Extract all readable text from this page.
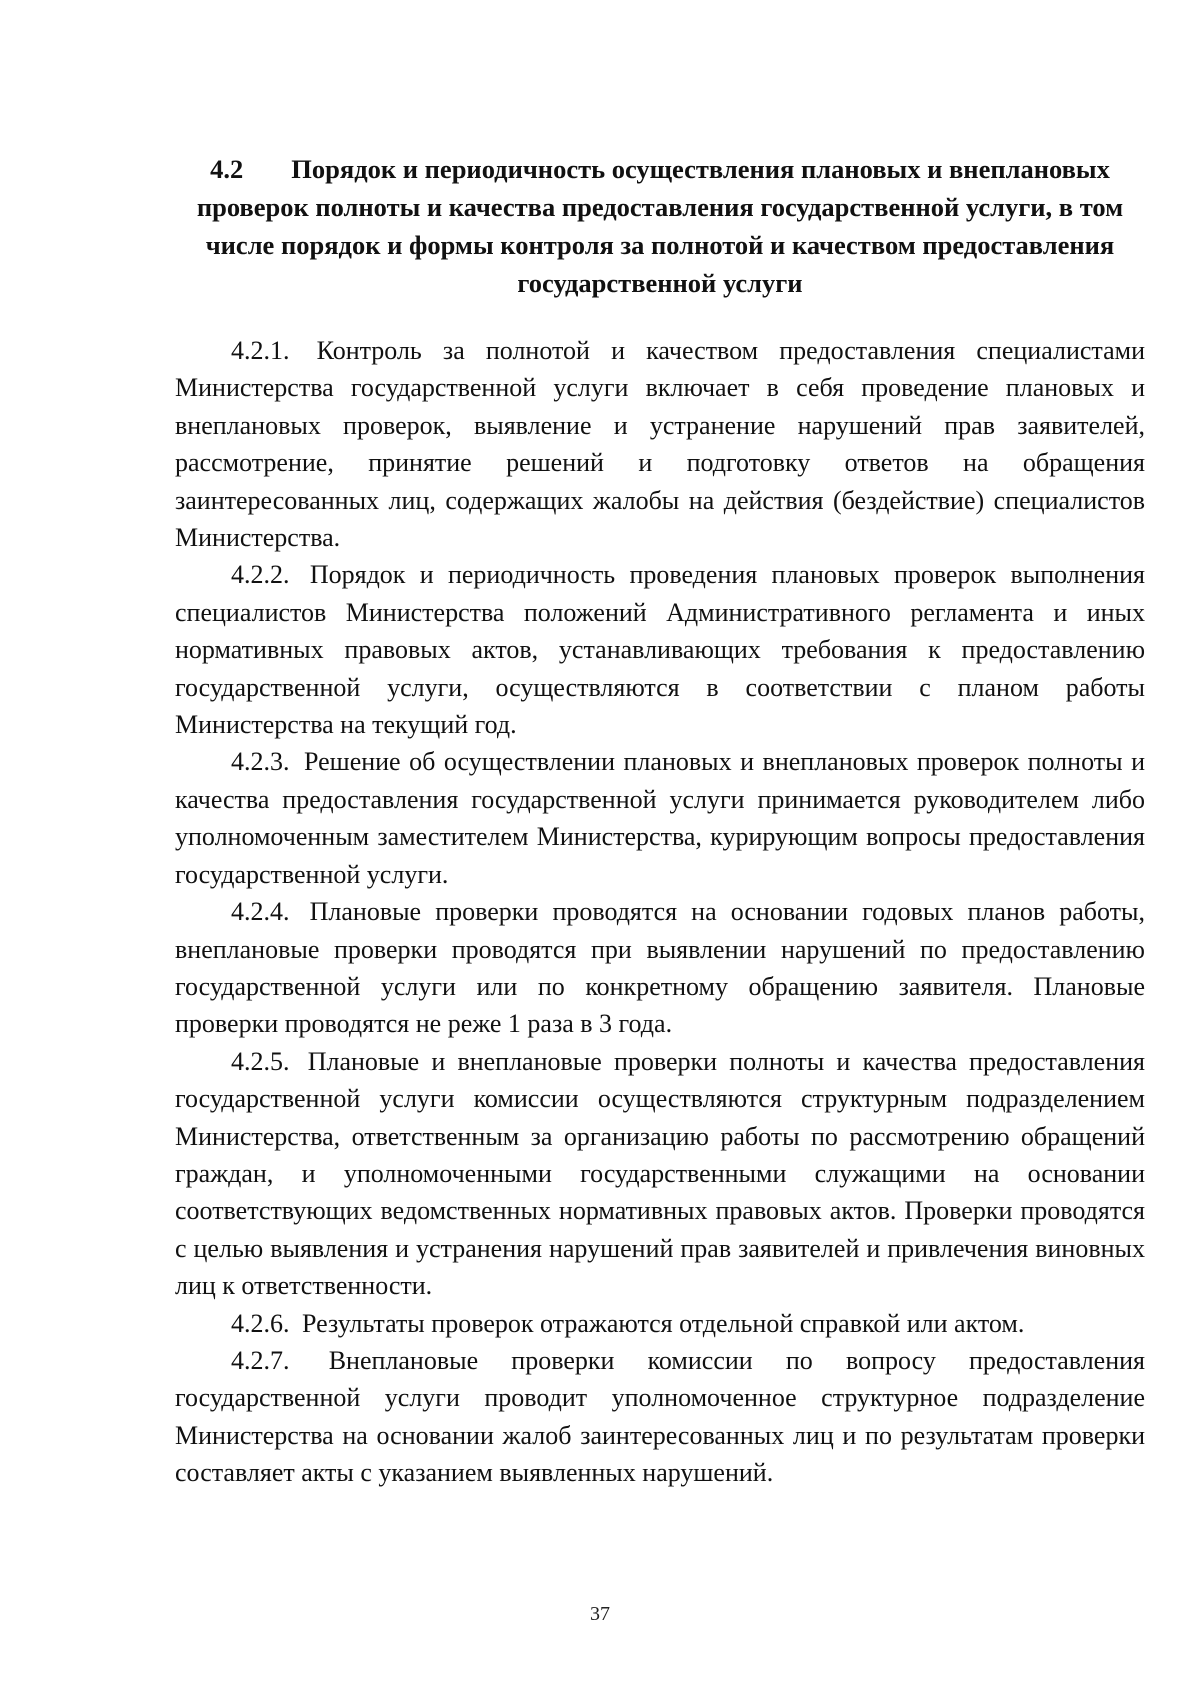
4.2 Порядок и периодичность осуществления плановых и внеплановых проверок полноты и качества предоставления государственной услуги, в том числе порядок и формы контроля за полнотой и качеством предоставления государственной услуги

4.2.1. Контроль за полнотой и качеством предоставления специалистами Министерства государственной услуги включает в себя проведение плановых и внеплановых проверок, выявление и устранение нарушений прав заявителей, рассмотрение, принятие решений и подготовку ответов на обращения заинтересованных лиц, содержащих жалобы на действия (бездействие) специалистов Министерства.

4.2.2. Порядок и периодичность проведения плановых проверок выполнения специалистов Министерства положений Административного регламента и иных нормативных правовых актов, устанавливающих требования к предоставлению государственной услуги, осуществляются в соответствии с планом работы Министерства на текущий год.

4.2.3. Решение об осуществлении плановых и внеплановых проверок полноты и качества предоставления государственной услуги принимается руководителем либо уполномоченным заместителем Министерства, курирующим вопросы предоставления государственной услуги.

4.2.4. Плановые проверки проводятся на основании годовых планов работы, внеплановые проверки проводятся при выявлении нарушений по предоставлению государственной услуги или по конкретному обращению заявителя. Плановые проверки проводятся не реже 1 раза в 3 года.

4.2.5. Плановые и внеплановые проверки полноты и качества предоставления государственной услуги комиссии осуществляются структурным подразделением Министерства, ответственным за организацию работы по рассмотрению обращений граждан, и уполномоченными государственными служащими на основании соответствующих ведомственных нормативных правовых актов. Проверки проводятся с целью выявления и устранения нарушений прав заявителей и привлечения виновных лиц к ответственности.

4.2.6. Результаты проверок отражаются отдельной справкой или актом.

4.2.7. Внеплановые проверки комиссии по вопросу предоставления государственной услуги проводит уполномоченное структурное подразделение Министерства на основании жалоб заинтересованных лиц и по результатам проверки составляет акты с указанием выявленных нарушений.

37
